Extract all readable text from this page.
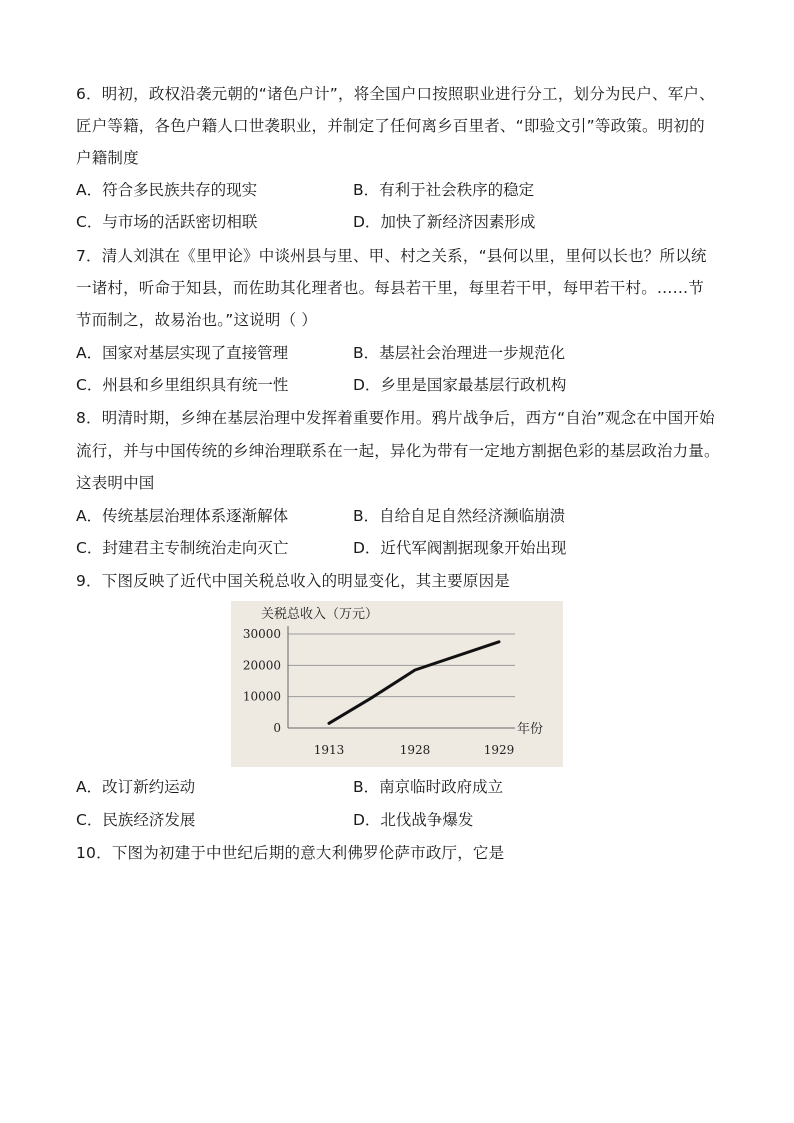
6．明初，政权沿袭元朝的“诸色户计”，将全国户口按照职业进行分工，划分为民户、军户、
匠户等籍，各色户籍人口世袭职业，并制定了任何离乡百里者、“即验文引”等政策。明初的
户籍制度
A．符合多民族共存的现实	B．有利于社会秩序的稳定
C．与市场的活跃密切相联	D．加快了新经济因素形成
7．清人刘淇在《里甲论》中谈州县与里、甲、村之关系，“县何以里，里何以长也？所以统
一诸村，听命于知县，而佐助其化理者也。每县若干里，每里若干甲，每甲若干村。……节
节而制之，故易治也。”这说明（ ）
A．国家对基层实现了直接管理	B．基层社会治理进一步规范化
C．州县和乡里组织具有统一性	D．乡里是国家最基层行政机构
8．明清时期，乡绅在基层治理中发挥着重要作用。鸦片战争后，西方“自治”观念在中国开始
流行，并与中国传统的乡绅治理联系在一起，异化为带有一定地方割据色彩的基层政治力量。
这表明中国
A．传统基层治理体系逐渐解体	B．自给自足自然经济濒临崩溃
C．封建君主专制统治走向灭亡	D．近代军阀割据现象开始出现
9．下图反映了近代中国关税总收入的明显变化，其主要原因是
关税总收入（万元）
年份
30000
20000
10000
0
1913	1928	1929
A．改订新约运动	B．南京临时政府成立
C．民族经济发展	D．北伐战争爆发
10．下图为初建于中世纪后期的意大利佛罗伦萨市政厅，它是
